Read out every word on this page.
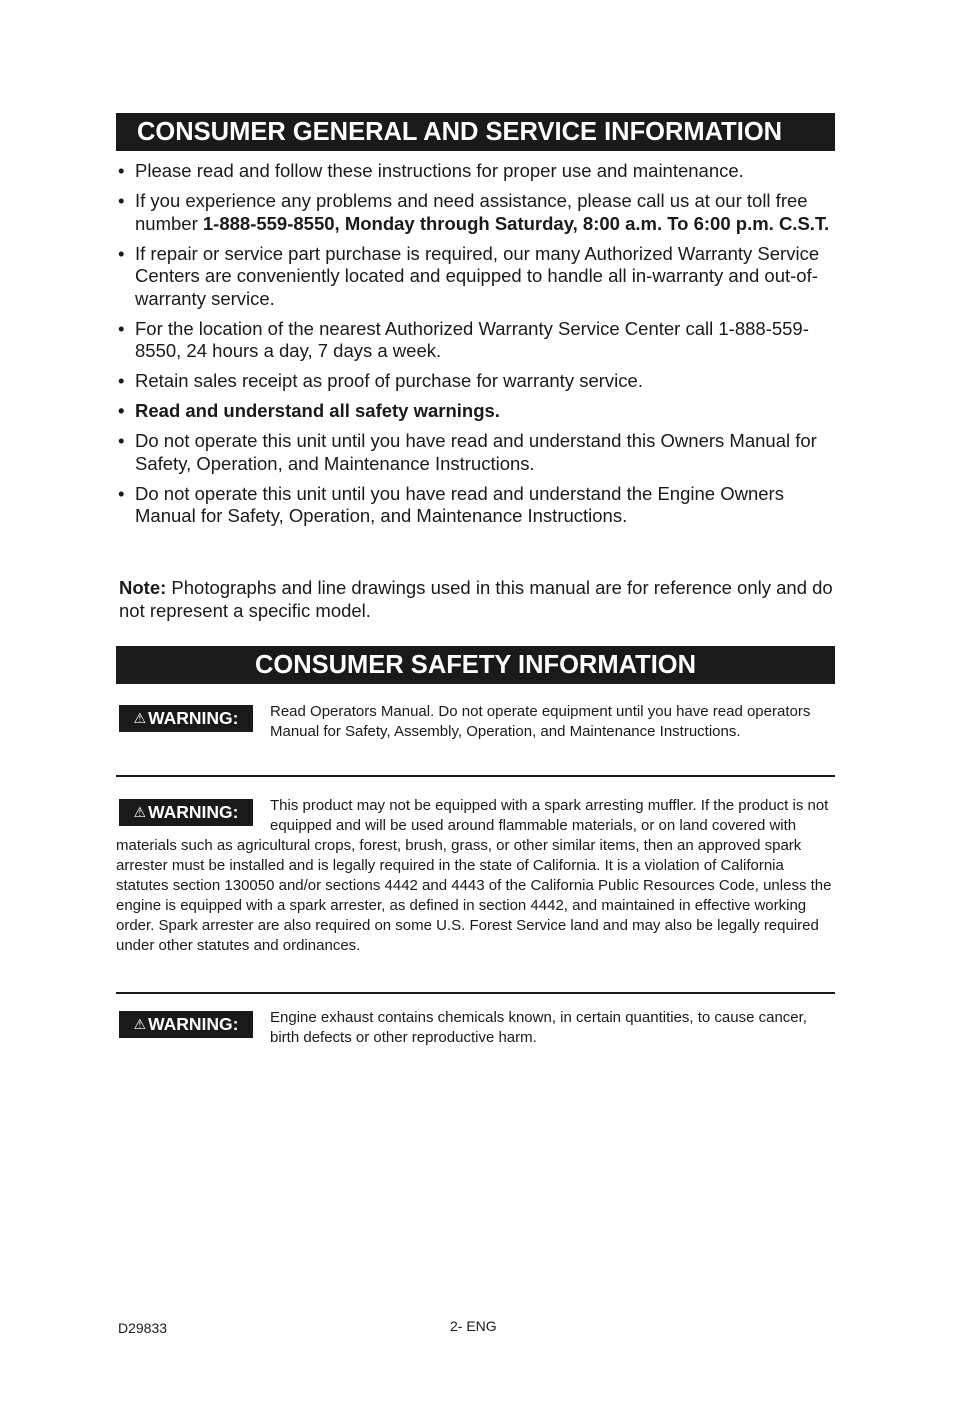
CONSUMER GENERAL AND SERVICE INFORMATION
• Please read and follow these instructions for proper use and maintenance.
• If you experience any problems and need assistance, please call us at our toll free number 1-888-559-8550, Monday through Saturday, 8:00 a.m. To 6:00 p.m. C.S.T.
• If repair or service part purchase is required, our many Authorized Warranty Service Centers are conveniently located and equipped to handle all in-warranty and out-of-warranty service.
• For the location of the nearest Authorized Warranty Service Center call 1-888-559-8550, 24 hours a day, 7 days a week.
• Retain sales receipt as proof of purchase for warranty service.
• Read and understand all safety warnings.
• Do not operate this unit until you have read and understand this Owners Manual for Safety, Operation, and Maintenance Instructions.
• Do not operate this unit until you have read and understand the Engine Owners Manual for Safety, Operation, and Maintenance Instructions.
Note: Photographs and line drawings used in this manual are for reference only and do not represent a specific model.
CONSUMER SAFETY INFORMATION
⚠ WARNING:	Read Operators Manual. Do not operate equipment until you have read operators Manual for Safety, Assembly, Operation, and Maintenance Instructions.
⚠ WARNING:	This product may not be equipped with a spark arresting muffler. If the product is not equipped and will be used around flammable materials, or on land covered with materials such as agricultural crops, forest, brush, grass, or other similar items, then an approved spark arrester must be installed and is legally required in the state of California. It is a violation of California statutes section 130050 and/or sections 4442 and 4443 of the California Public Resources Code, unless the engine is equipped with a spark arrester, as defined in section 4442, and maintained in effective working order. Spark arrester are also required on some U.S. Forest Service land and may also be legally required under other statutes and ordinances.
⚠ WARNING:	Engine exhaust contains chemicals known, in certain quantities, to cause cancer, birth defects or other reproductive harm.
D29833	2- ENG
